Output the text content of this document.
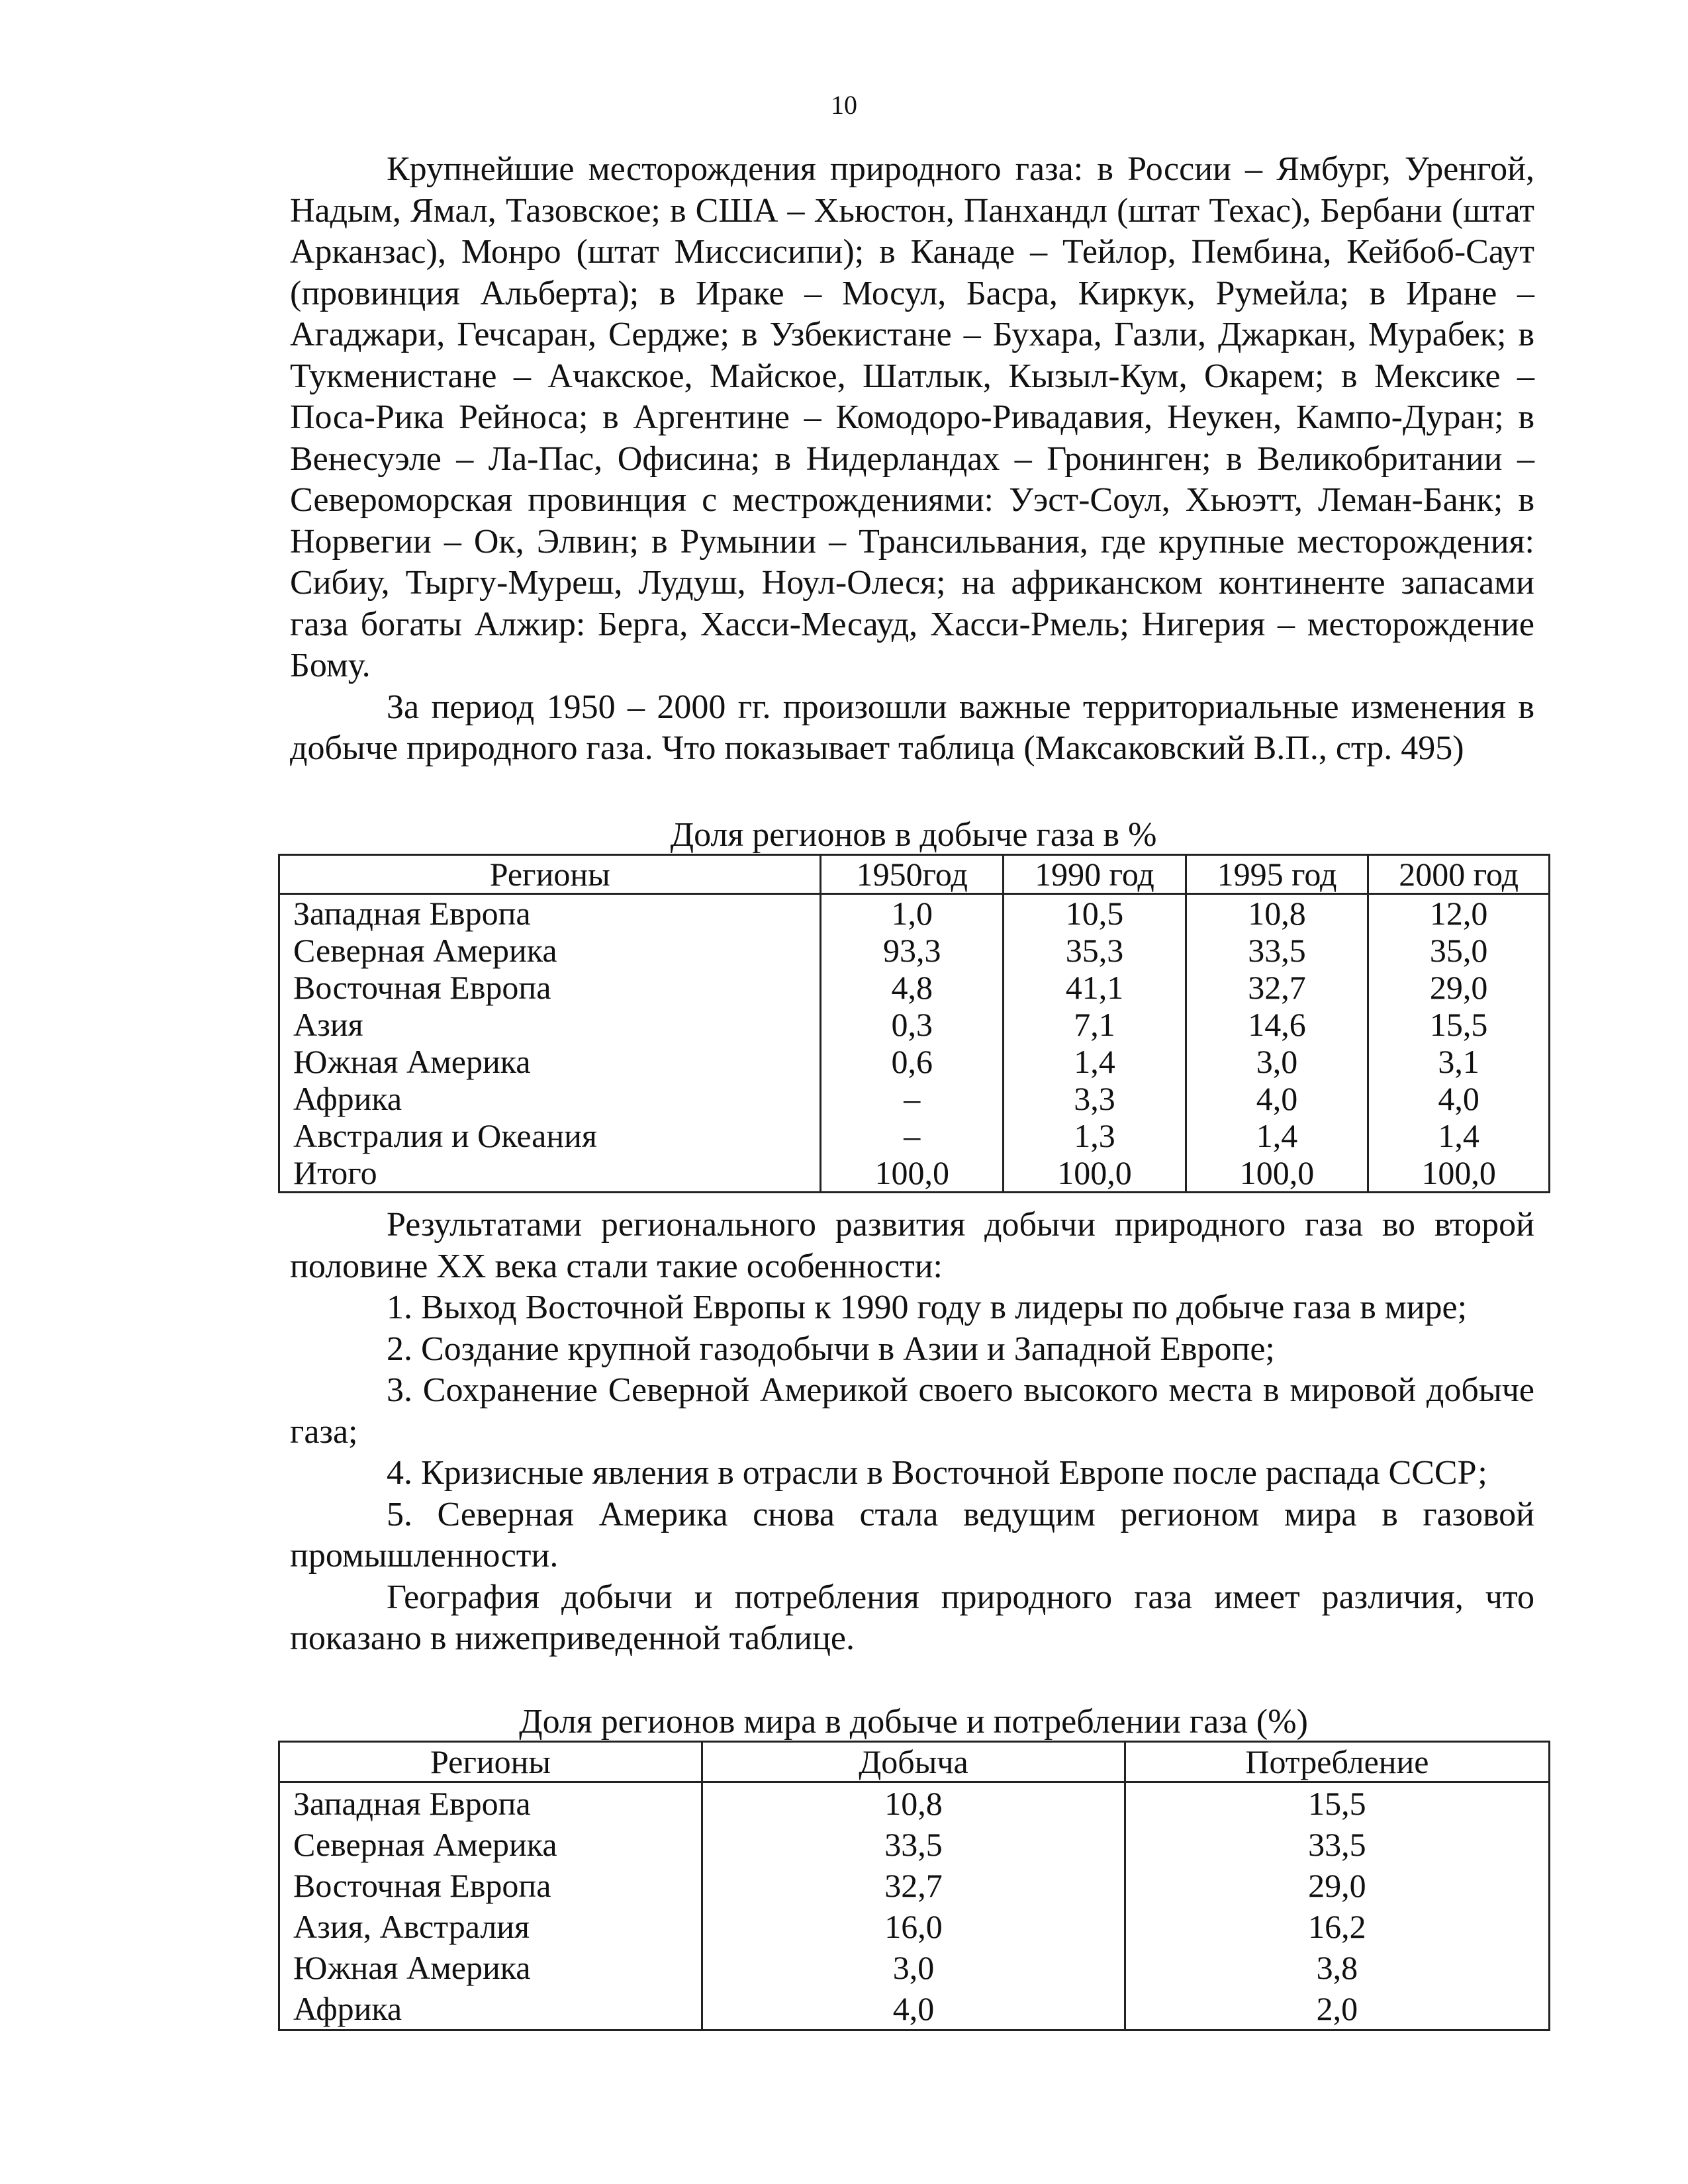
10

Крупнейшие месторождения природного газа: в России – Ямбург, Уренгой, Надым, Ямал, Тазовское; в США – Хьюстон, Панхандл (штат Техас), Бербани (штат Арканзас), Монро (штат Миссисипи); в Канаде – Тейлор, Пембина, Кейбоб-Саут (провинция Альберта); в Ираке – Мосул, Басра, Киркук, Румейла; в Иране – Агаджари, Гечсаран, Сердже; в Узбекистане – Бухара, Газли, Джаркан, Мурабек; в Тукменистане – Ачакское, Майское, Шатлык, Кызыл-Кум, Окарем; в Мексике – Поса-Рика Рейноса; в Аргентине – Комодоро-Ривадавия, Неукен, Кампо-Дуран; в Венесуэле – Ла-Пас, Офисина; в Нидерландах – Гронинген; в Великобритании – Североморская провинция с местрождениями: Уэст-Соул, Хьюэтт, Леман-Банк; в Норвегии – Ок, Элвин; в Румынии – Трансильвания, где крупные месторождения: Сибиу, Тыргу-Муреш, Лудуш, Ноул-Олеся; на африканском континенте запасами газа богаты Алжир: Берга, Хасси-Месауд, Хасси-Рмель; Нигерия – месторождение Бому.

За период 1950 – 2000 гг. произошли важные территориальные изменения в добыче природного газа. Что показывает таблица (Максаковский В.П., стр. 495)

Доля регионов в добыче газа в %
Регионы	1950год	1990 год	1995 год	2000 год
Западная Европа	1,0	10,5	10,8	12,0
Северная Америка	93,3	35,3	33,5	35,0
Восточная Европа	4,8	41,1	32,7	29,0
Азия	0,3	7,1	14,6	15,5
Южная Америка	0,6	1,4	3,0	3,1
Африка	–	3,3	4,0	4,0
Австралия и Океания	–	1,3	1,4	1,4
Итого	100,0	100,0	100,0	100,0

Результатами регионального развития добычи природного газа во второй половине XX века стали такие особенности:

1. Выход Восточной Европы к 1990 году в лидеры по добыче газа в мире;

2. Создание крупной газодобычи в Азии и Западной Европе;

3. Сохранение Северной Америкой своего высокого места в мировой добыче газа;

4. Кризисные явления в отрасли в Восточной Европе после распада СССР;

5. Северная Америка снова стала ведущим регионом мира в газовой промышленности.

География добычи и потребления природного газа имеет различия, что показано в нижеприведенной таблице.

Доля регионов мира в добыче и потреблении газа (%)
Регионы	Добыча	Потребление
Западная Европа	10,8	15,5
Северная Америка	33,5	33,5
Восточная Европа	32,7	29,0
Азия, Австралия	16,0	16,2
Южная Америка	3,0	3,8
Африка	4,0	2,0
